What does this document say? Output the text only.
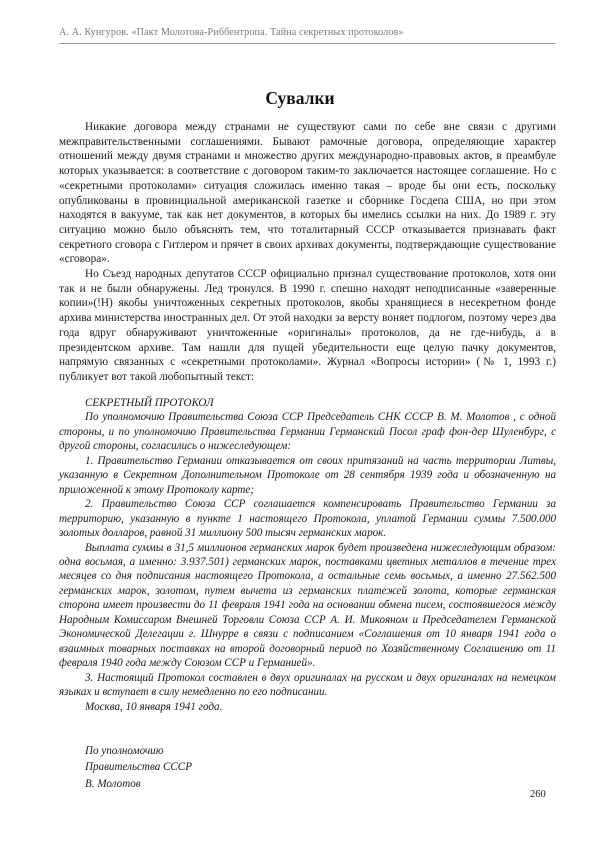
А. А. Кунгуров. «Пакт Молотова-Риббентропа. Тайна секретных протоколов»
Сувалки

Никакие договора между странами не существуют сами по себе вне связи с другими межправительственными соглашениями. Бывают рамочные договора, определяющие характер отношений между двумя странами и множество других международно-правовых актов, в преамбуле которых указывается: в соответствие с договором таким-то заключается настоящее соглашение. Но с «секретными протоколами» ситуация сложилась именно такая – вроде бы они есть, поскольку опубликованы в провинциальной американской газетке и сборнике Госдепа США, но при этом находятся в вакууме, так как нет документов, в которых бы имелись ссылки на них. До 1989 г. эту ситуацию можно было объяснять тем, что тоталитарный СССР отказывается признавать факт секретного сговора с Гитлером и прячет в своих архивах документы, подтверждающие существование «сговора».

Но Съезд народных депутатов СССР официально признал существование протоколов, хотя они так и не были обнаружены. Лед тронулся. В 1990 г. спешно находят неподписанные «заверенные копии»(!Н) якобы уничтоженных секретных протоколов, якобы хранящиеся в несекретном фонде архива министерства иностранных дел. От этой находки за версту воняет подлогом, поэтому через два года вдруг обнаруживают уничтоженные «оригиналы» протоколов, да не где-нибудь, а в президентском архиве. Там нашли для пущей убедительности еще целую пачку документов, напрямую связанных с «секретными протоколами». Журнал «Вопросы истории» (№ 1, 1993 г.) публикует вот такой любопытный текст:

СЕКРЕТНЫЙ ПРОТОКОЛ

По уполномочию Правительства Союза ССР Председатель СНК СССР В. М. Молотов , с одной стороны, и по уполномочию Правительства Германии Германский Посол граф фон-дер Шуленбург, с другой стороны, согласились о нижеследующем:

1. Правительство Германии отказывается от своих притязаний на часть территории Литвы, указанную в Секретном Дополнительном Протоколе от 28 сентября 1939 года и обозначенную на приложенной к этому Протоколу карте;

2. Правительство Союза ССР соглашается компенсировать Правительство Германии за территорию, указанную в пункте 1 настоящего Протокола, уплатой Германии суммы 7.500.000 золотых долларов, равной 31 миллиону 500 тысяч германских марок.

Выплата суммы в 31,5 миллионов германских марок будет произведена нижеследующим образом: одна восьмая, а именно: 3.937.501) германских марок, поставками цветных металлов в течение трех месяцев со дня подписания настоящего Протокола, а остальные семь восьмых, а именно 27.562.500 германских марок, золотом, путем вычета из германских платежей золота, которые германская сторона имеет произвести до 11 февраля 1941 года на основании обмена писем, состоявшегося между Народным Комиссаром Внешней Торговли Союза ССР А. И. Микояном и Председателем Германской Экономической Делегации г. Шнурре в связи с подписанием «Соглашения от 10 января 1941 года о взаимных товарных поставках на второй договорный период по Хозяйственному Соглашению от 11 февраля 1940 года между Союзом ССР и Германией».

3. Настоящий Протокол составлен в двух оригиналах на русском и двух оригиналах на немецком языках и вступает в силу немедленно по его подписании.

Москва, 10 января 1941 года.

По уполномочию
Правительства СССР
В. Молотов
260
